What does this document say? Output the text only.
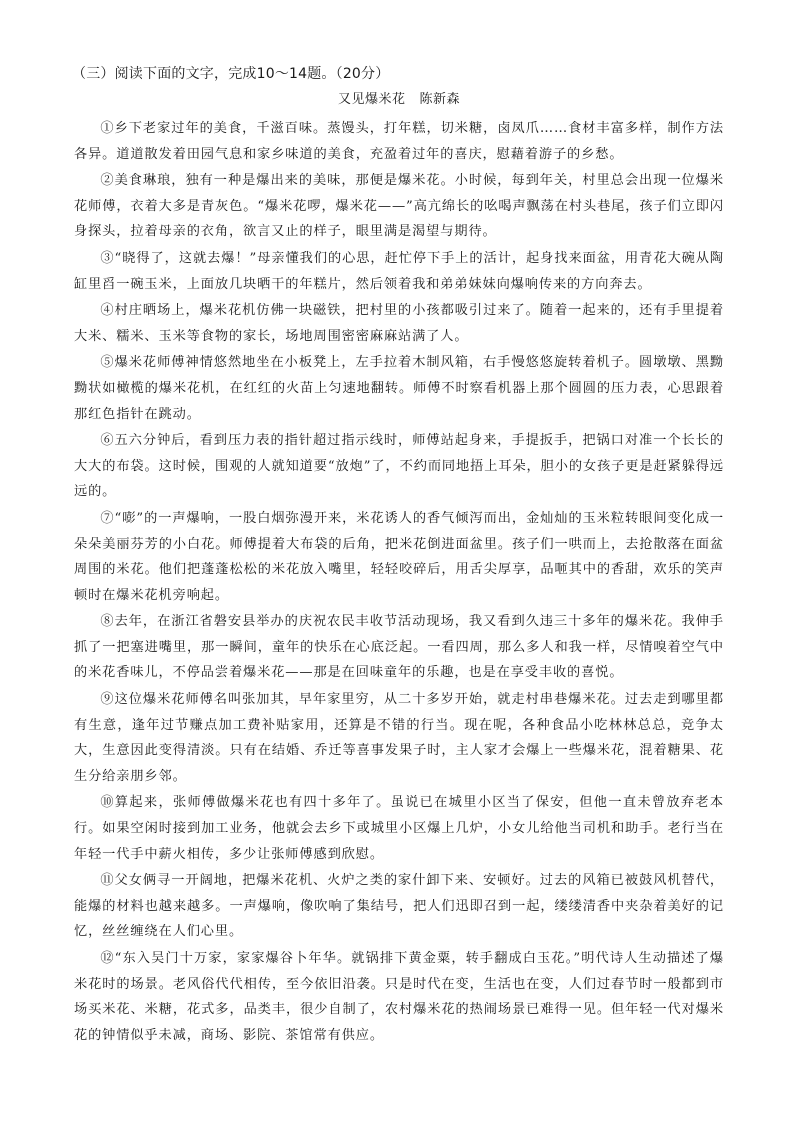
（三）阅读下面的文字，完成10～14题。（20分）
又见爆米花 陈新森

①乡下老家过年的美食，千滋百味。蒸馒头，打年糕，切米糖，卤凤爪……食材丰富多样，制作方法各异。道道散发着田园气息和家乡味道的美食，充盈着过年的喜庆，慰藉着游子的乡愁。

②美食琳琅，独有一种是爆出来的美味，那便是爆米花。小时候，每到年关，村里总会出现一位爆米花师傅，衣着大多是青灰色。“爆米花啰，爆米花——”高亢绵长的吆喝声飘荡在村头巷尾，孩子们立即闪身探头，拉着母亲的衣角，欲言又止的样子，眼里满是渴望与期待。

③“晓得了，这就去爆！”母亲懂我们的心思，赶忙停下手上的活计，起身找来面盆，用青花大碗从陶缸里舀一碗玉米，上面放几块晒干的年糕片，然后领着我和弟弟妹妹向爆响传来的方向奔去。

④村庄晒场上，爆米花机仿佛一块磁铁，把村里的小孩都吸引过来了。随着一起来的，还有手里提着大米、糯米、玉米等食物的家长，场地周围密密麻麻站满了人。

⑤爆米花师傅神情悠然地坐在小板凳上，左手拉着木制风箱，右手慢悠悠旋转着机子。圆墩墩、黑黝黝状如橄榄的爆米花机，在红红的火苗上匀速地翻转。师傅不时察看机器上那个圆圆的压力表，心思跟着那红色指针在跳动。

⑥五六分钟后，看到压力表的指针超过指示线时，师傅站起身来，手提扳手，把锅口对准一个长长的大大的布袋。这时候，围观的人就知道要“放炮”了，不约而同地捂上耳朵，胆小的女孩子更是赶紧躲得远远的。

⑦“嘭”的一声爆响，一股白烟弥漫开来，米花诱人的香气倾泻而出，金灿灿的玉米粒转眼间变化成一朵朵美丽芬芳的小白花。师傅提着大布袋的后角，把米花倒进面盆里。孩子们一哄而上，去抢散落在面盆周围的米花。他们把蓬蓬松松的米花放入嘴里，轻轻咬碎后，用舌尖厚享，品咂其中的香甜，欢乐的笑声顿时在爆米花机旁响起。

⑧去年，在浙江省磐安县举办的庆祝农民丰收节活动现场，我又看到久违三十多年的爆米花。我伸手抓了一把塞进嘴里，那一瞬间，童年的快乐在心底泛起。一看四周，那么多人和我一样，尽情嗅着空气中的米花香味儿，不停品尝着爆米花——那是在回味童年的乐趣，也是在享受丰收的喜悦。

⑨这位爆米花师傅名叫张加其，早年家里穷，从二十多岁开始，就走村串巷爆米花。过去走到哪里都有生意，逢年过节赚点加工费补贴家用，还算是不错的行当。现在呢，各种食品小吃林林总总，竞争太大，生意因此变得清淡。只有在结婚、乔迁等喜事发果子时，主人家才会爆上一些爆米花，混着糖果、花生分给亲朋乡邻。

⑩算起来，张师傅做爆米花也有四十多年了。虽说已在城里小区当了保安，但他一直未曾放弃老本行。如果空闲时接到加工业务，他就会去乡下或城里小区爆上几炉，小女儿给他当司机和助手。老行当在年轻一代手中薪火相传，多少让张师傅感到欣慰。

⑪父女俩寻一开阔地，把爆米花机、火炉之类的家什卸下来、安顿好。过去的风箱已被鼓风机替代，能爆的材料也越来越多。一声爆响，像吹响了集结号，把人们迅即召到一起，缕缕清香中夹杂着美好的记忆，丝丝缠绕在人们心里。

⑫“东入吴门十万家，家家爆谷卜年华。就锅排下黄金粟，转手翻成白玉花。”明代诗人生动描述了爆米花时的场景。老风俗代代相传，至今依旧沿袭。只是时代在变，生活也在变，人们过春节时一般都到市场买米花、米糖，花式多，品类丰，很少自制了，农村爆米花的热闹场景已难得一见。但年轻一代对爆米花的钟情似乎未减，商场、影院、茶馆常有供应。
